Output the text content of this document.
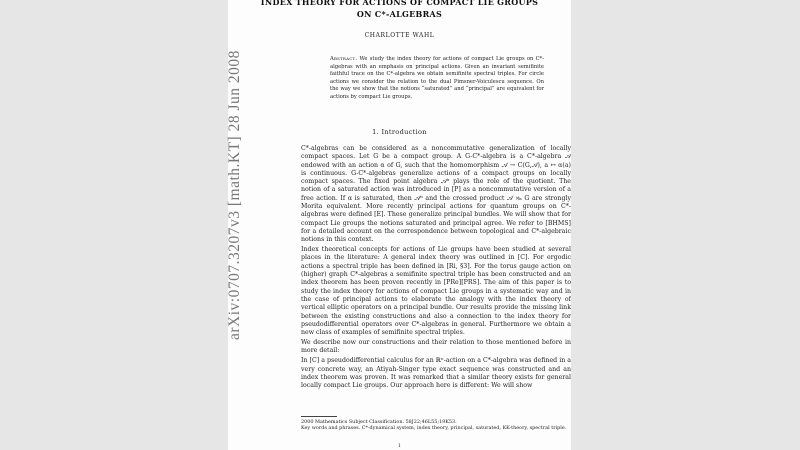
INDEX THEORY FOR ACTIONS OF COMPACT LIE GROUPS
ON C*-ALGEBRAS
CHARLOTTE WAHL
Abstract. We study the index theory for actions of compact Lie groups on C*-algebras with an emphasis on principal actions. Given an invariant semifinite faithful trace on the C*-algebra we obtain semifinite spectral triples. For circle actions we consider the relation to the dual Pimsner-Voiculescu sequence. On the way we show that the notions “saturated” and “principal” are equivalent for actions by compact Lie groups.
1. Introduction

C*-algebras can be considered as a noncommutative generalization of locally compact spaces. Let G be a compact group. A G-C*-algebra is a C*-algebra 𝒜 endowed with an action α of G, such that the homomorphism 𝒜 → C(G,𝒜), a ↦ α(a) is continuous. G-C*-algebras generalize actions of a compact groups on locally compact spaces. The fixed point algebra 𝒜ᵅ plays the role of the quotient. The notion of a saturated action was introduced in [P] as a noncommutative version of a free action. If α is saturated, then 𝒜ᵅ and the crossed product 𝒜 ⋊ₐ G are strongly Morita equivalent. More recently principal actions for quantum groups on C*-algebras were defined [E]. These generalize principal bundles. We will show that for compact Lie groups the notions saturated and principal agree. We refer to [BHMS] for a detailed account on the correspondence between topological and C*-algebraic notions in this context.

Index theoretical concepts for actions of Lie groups have been studied at several places in the literature: A general index theory was outlined in [C]. For ergodic actions a spectral triple has been defined in [Ri, §3]. For the torus gauge action on (higher) graph C*-algebras a semifinite spectral triple has been constructed and an index theorem has been proven recently in [PRe][PRS]. The aim of this paper is to study the index theory for actions of compact Lie groups in a systematic way and in the case of principal actions to elaborate the analogy with the index theory of vertical elliptic operators on a principal bundle. Our results provide the missing link between the existing constructions and also a connection to the index theory for pseudodifferential operators over C*-algebras in general. Furthermore we obtain a new class of examples of semifinite spectral triples.

We describe now our constructions and their relation to those mentioned before in more detail:

In [C] a pseudodifferential calculus for an ℝⁿ-action on a C*-algebra was defined in a very concrete way, an Atiyah-Singer type exact sequence was constructed and an index theorem was proven. It was remarked that a similar theory exists for general locally compact Lie groups. Our approach here is different: We will show

2000 Mathematics Subject Classification. 58J22;46L55;19K53.
Key words and phrases. C*-dynamical system, index theory, principal, saturated, KK-theory, spectral triple.
1
arXiv:0707.3207v3 [math.KT] 28 Jun 2008
